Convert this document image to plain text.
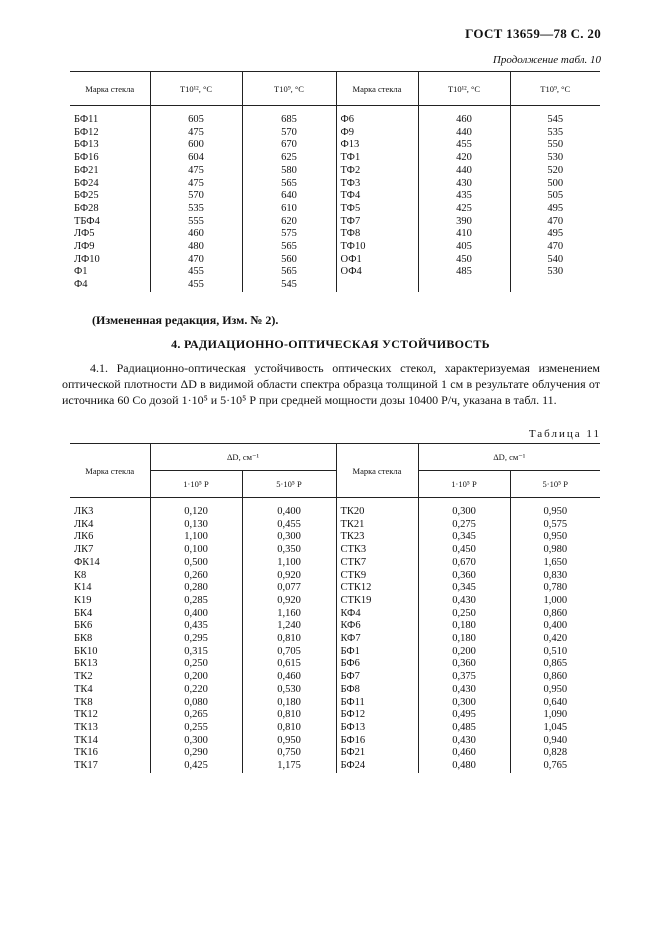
ГОСТ 13659—78 С. 20
Продолжение табл. 10
Марка стекла	T10¹², °C	T10⁹, °C	Марка стекла	T10¹², °C	T10⁹, °C
БФ11	605	685	Ф6	460	545
БФ12	475	570	Ф9	440	535
БФ13	600	670	Ф13	455	550
БФ16	604	625	ТФ1	420	530
БФ21	475	580	ТФ2	440	520
БФ24	475	565	ТФ3	430	500
БФ25	570	640	ТФ4	435	505
БФ28	535	610	ТФ5	425	495
ТБФ4	555	620	ТФ7	390	470
ЛФ5	460	575	ТФ8	410	495
ЛФ9	480	565	ТФ10	405	470
ЛФ10	470	560	ОФ1	450	540
Ф1	455	565	ОФ4	485	530
Ф4	455	545			
(Измененная редакция, Изм. № 2).
4. РАДИАЦИОННО-ОПТИЧЕСКАЯ УСТОЙЧИВОСТЬ
4.1. Радиационно-оптическая устойчивость оптических стекол, характеризуемая изменением оптической плотности ΔD в видимой области спектра образца толщиной 1 см в результате облучения от источника 60 Co дозой 1·10⁵ и 5·10⁵ Р при средней мощности дозы 10400 Р/ч, указана в табл. 11.
Таблица 11
Марка стекла	ΔD, см⁻¹		Марка стекла	ΔD, см⁻¹	
	1·10⁵ Р	5·10⁵ Р		1·10⁵ Р	5·10⁵ Р
ЛК3	0,120	0,400	ТК20	0,300	0,950
ЛК4	0,130	0,455	ТК21	0,275	0,575
ЛК6	1,100	0,300	ТК23	0,345	0,950
ЛК7	0,100	0,350	СТК3	0,450	0,980
ФК14	0,500	1,100	СТК7	0,670	1,650
К8	0,260	0,920	СТК9	0,360	0,830
К14	0,280	0,077	СТК12	0,345	0,780
К19	0,285	0,920	СТК19	0,430	1,000
БК4	0,400	1,160	КФ4	0,250	0,860
БК6	0,435	1,240	КФ6	0,180	0,400
БК8	0,295	0,810	КФ7	0,180	0,420
БК10	0,315	0,705	БФ1	0,200	0,510
БК13	0,250	0,615	БФ6	0,360	0,865
ТК2	0,200	0,460	БФ7	0,375	0,860
ТК4	0,220	0,530	БФ8	0,430	0,950
ТК8	0,080	0,180	БФ11	0,300	0,640
ТК12	0,265	0,810	БФ12	0,495	1,090
ТК13	0,255	0,810	БФ13	0,485	1,045
ТК14	0,300	0,950	БФ16	0,430	0,940
ТК16	0,290	0,750	БФ21	0,460	0,828
ТК17	0,425	1,175	БФ24	0,480	0,765
